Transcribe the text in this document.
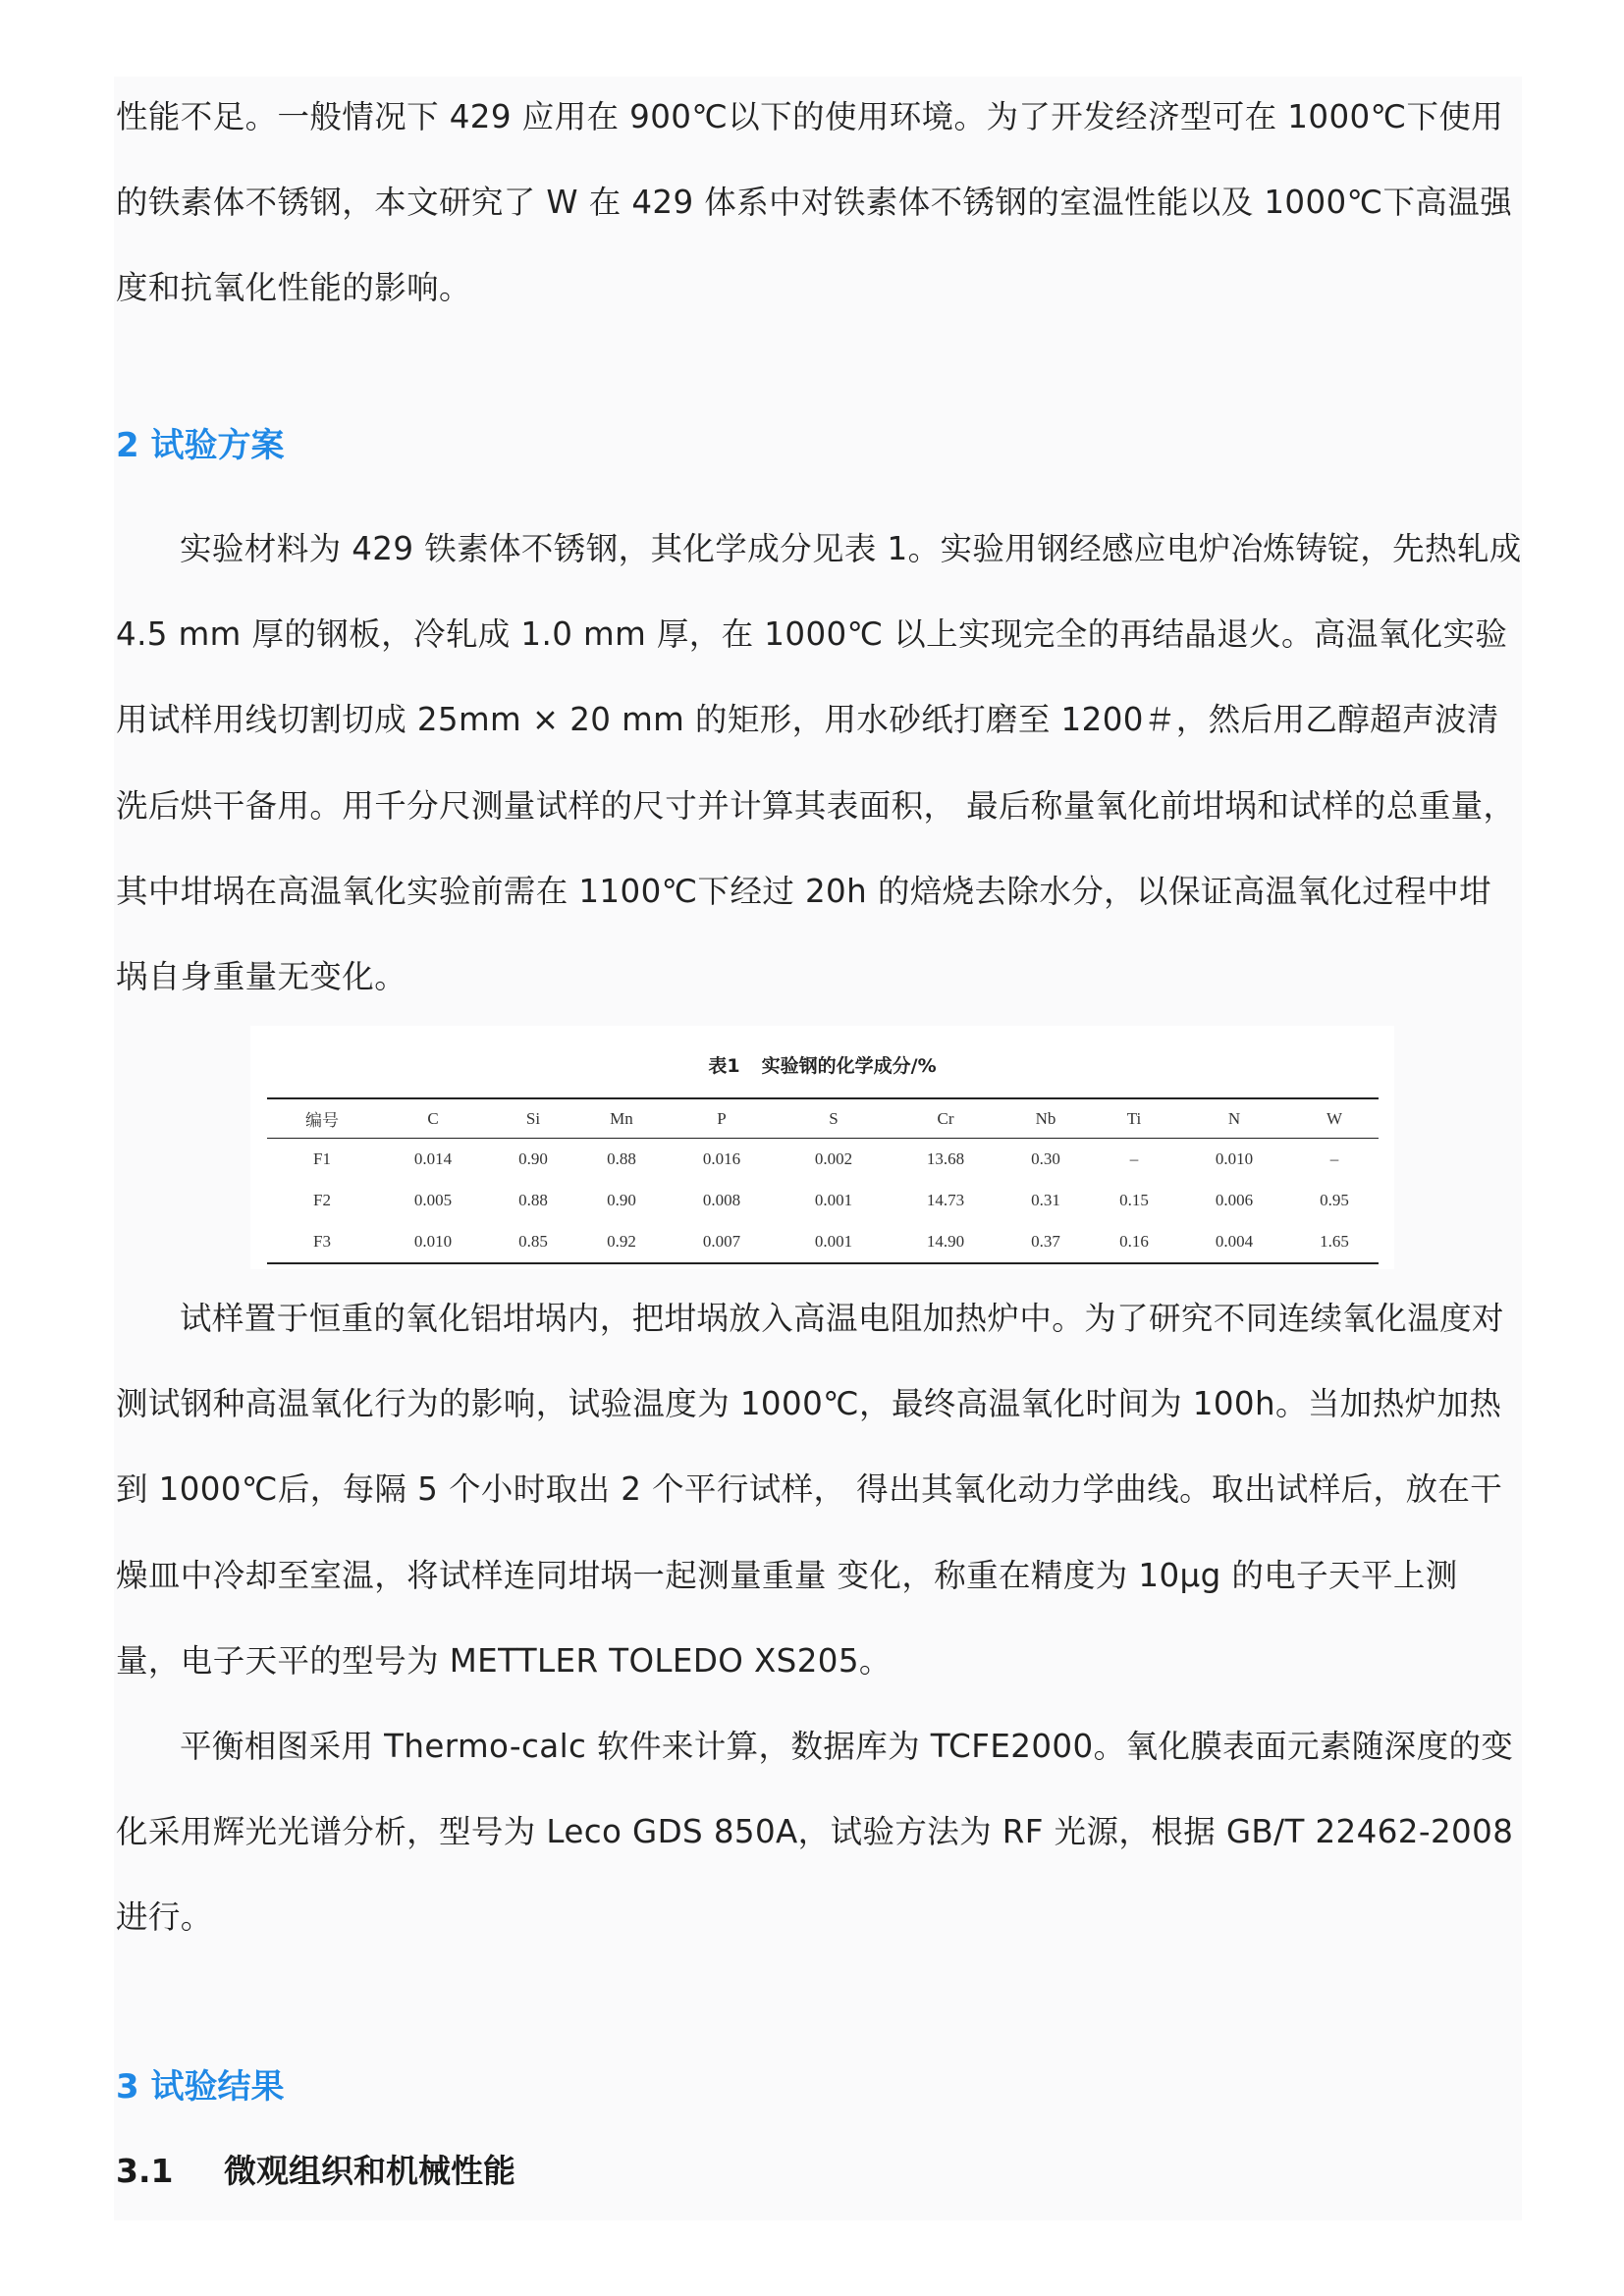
性能不足。一般情况下 429 应用在 900℃以下的使用环境。为了开发经济型可在 1000℃下使用的铁素体不锈钢，本文研究了 W 在 429 体系中对铁素体不锈钢的室温性能以及 1000℃下高温强度和抗氧化性能的影响。

2 试验方案

实验材料为 429 铁素体不锈钢，其化学成分见表 1。实验用钢经感应电炉冶炼铸锭，先热轧成 4.5 mm 厚的钢板，冷轧成 1.0 mm 厚，在 1000℃ 以上实现完全的再结晶退火。高温氧化实验用试样用线切割切成 25mm × 20 mm 的矩形，用水砂纸打磨至 1200＃，然后用乙醇超声波清洗后烘干备用。用千分尺测量试样的尺寸并计算其表面积， 最后称量氧化前坩埚和试样的总重量，其中坩埚在高温氧化实验前需在 1100℃下经过 20h 的焙烧去除水分，以保证高温氧化过程中坩埚自身重量无变化。

表1 实验钢的化学成分/%
编号	C	Si	Mn	P	S	Cr	Nb	Ti	N	W
F1	0.014	0.90	0.88	0.016	0.002	13.68	0.30	–	0.010	–
F2	0.005	0.88	0.90	0.008	0.001	14.73	0.31	0.15	0.006	0.95
F3	0.010	0.85	0.92	0.007	0.001	14.90	0.37	0.16	0.004	1.65

试样置于恒重的氧化铝坩埚内，把坩埚放入高温电阻加热炉中。为了研究不同连续氧化温度对测试钢种高温氧化行为的影响，试验温度为 1000℃，最终高温氧化时间为 100h。当加热炉加热到 1000℃后，每隔 5 个小时取出 2 个平行试样， 得出其氧化动力学曲线。取出试样后，放在干燥皿中冷却至室温，将试样连同坩埚一起测量重量 变化，称重在精度为 10μg 的电子天平上测量，电子天平的型号为 METTLER TOLEDO XS205。

平衡相图采用 Thermo-calc 软件来计算，数据库为 TCFE2000。氧化膜表面元素随深度的变化采用辉光光谱分析，型号为 Leco GDS 850A，试验方法为 RF 光源，根据 GB/T 22462-2008 进行。

3 试验结果
3.1 微观组织和机械性能
